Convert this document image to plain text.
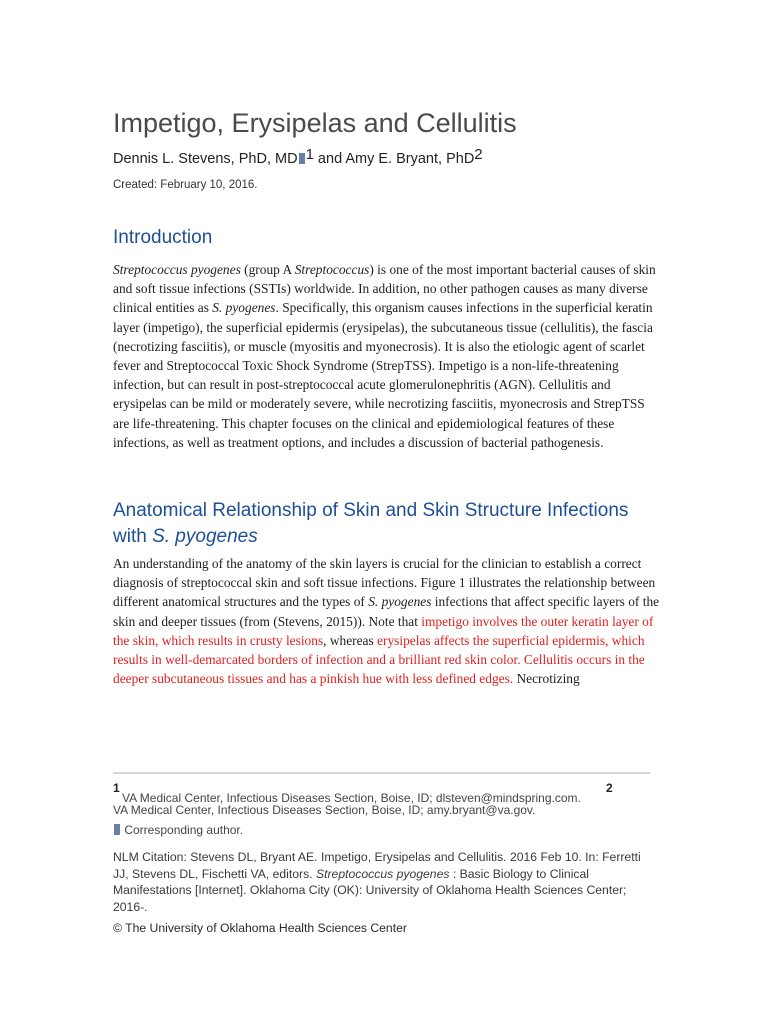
Impetigo, Erysipelas and Cellulitis
Dennis L. Stevens, PhD, MD $^1$ and Amy E. Bryant, PhD$^2$
Created: February 10, 2016.
Introduction

Streptococcus pyogenes (group A Streptococcus) is one of the most important bacterial causes of skin and soft tissue infections (SSTIs) worldwide. In addition, no other pathogen causes as many diverse clinical entities as S. pyogenes. Specifically, this organism causes infections in the superficial keratin layer (impetigo), the superficial epidermis (erysipelas), the subcutaneous tissue (cellulitis), the fascia (necrotizing fasciitis), or muscle (myositis and myonecrosis). It is also the etiologic agent of scarlet fever and Streptococcal Toxic Shock Syndrome (StrepTSS). Impetigo is a non-life-threatening infection, but can result in post-streptococcal acute glomerulonephritis (AGN). Cellulitis and erysipelas can be mild or moderately severe, while necrotizing fasciitis, myonecrosis and StrepTSS are life-threatening. This chapter focuses on the clinical and epidemiological features of these infections, as well as treatment options, and includes a discussion of bacterial pathogenesis.

Anatomical Relationship of Skin and Skin Structure Infections with S. pyogenes

An understanding of the anatomy of the skin layers is crucial for the clinician to establish a correct diagnosis of streptococcal skin and soft tissue infections. Figure 1 illustrates the relationship between different anatomical structures and the types of S. pyogenes infections that affect specific layers of the skin and deeper tissues (from (Stevens, 2015)). Note that impetigo involves the outer keratin layer of the skin, which results in crusty lesions, whereas erysipelas affects the superficial epidermis, which results in well-demarcated borders of infection and a brilliant red skin color. Cellulitis occurs in the deeper subcutaneous tissues and has a pinkish hue with less defined edges. Necrotizing

1
VA Medical Center, Infectious Diseases Section, Boise, ID; dlsteven@mindspring.com.
2
VA Medical Center, Infectious Diseases Section, Boise, ID; amy.bryant@va.gov.
Corresponding author.

NLM Citation: Stevens DL, Bryant AE. Impetigo, Erysipelas and Cellulitis. 2016 Feb 10. In: Ferretti JJ, Stevens DL, Fischetti VA, editors. Streptococcus pyogenes : Basic Biology to Clinical Manifestations [Internet]. Oklahoma City (OK): University of Oklahoma Health Sciences Center; 2016-.

© The University of Oklahoma Health Sciences Center
